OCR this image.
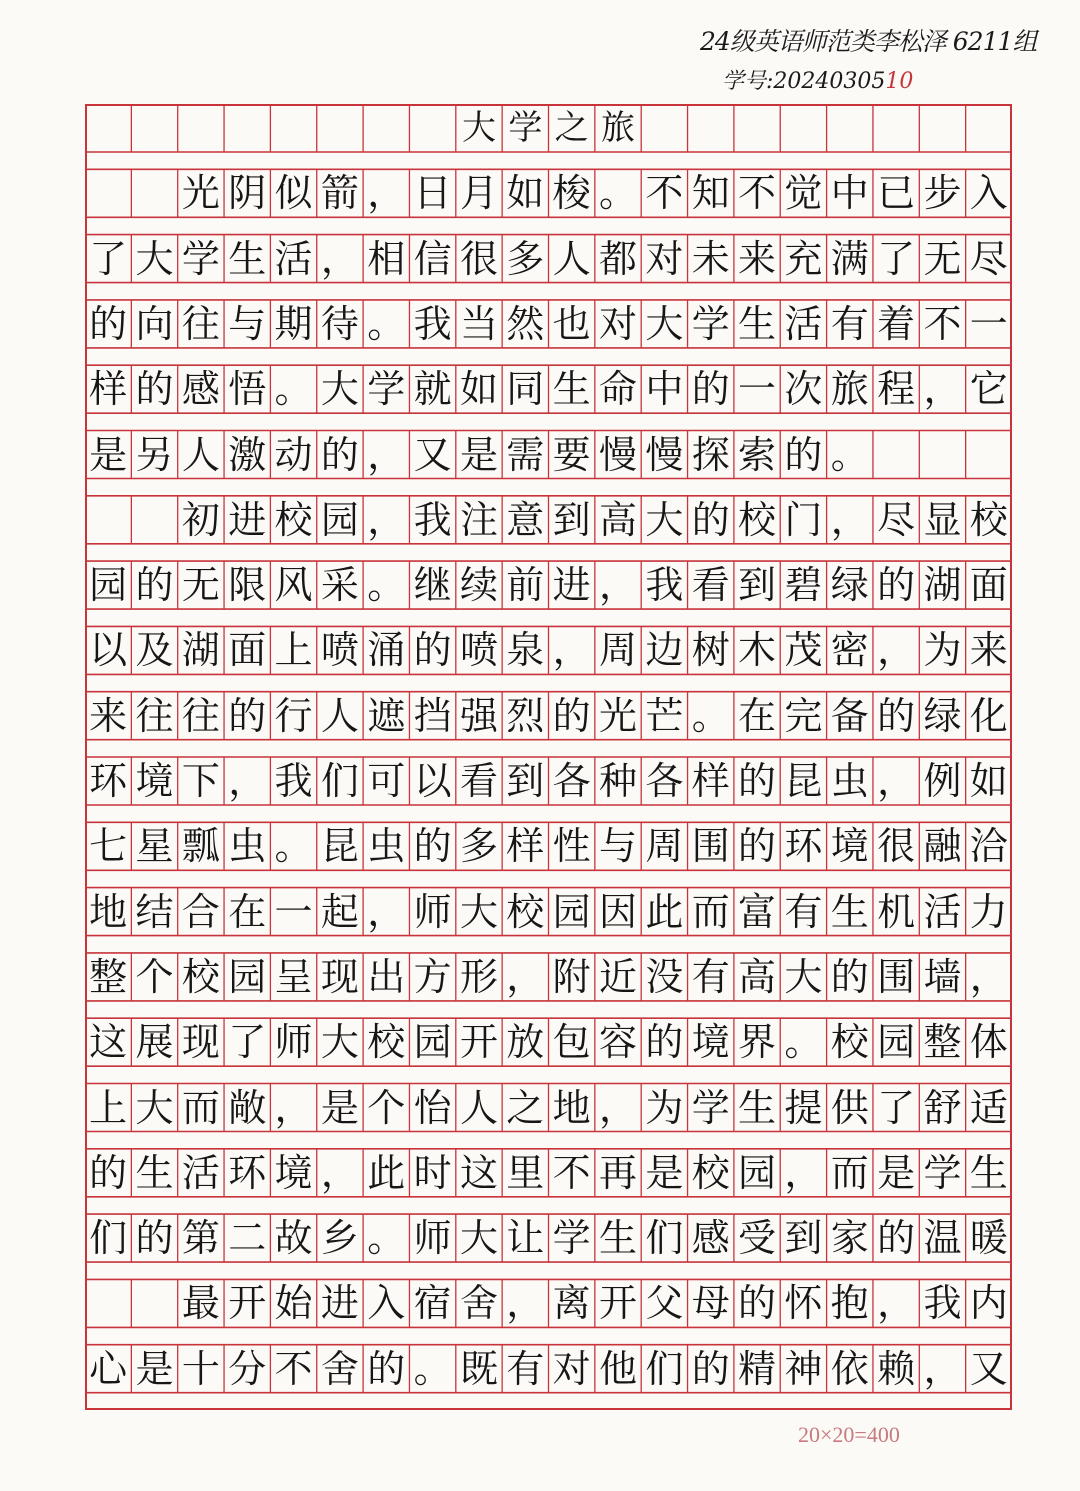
24级英语师范类李松泽 6211组
学号:2024030510
大 学 之 旅
光 阴 似 箭 ， 日 月 如 梭 。 不 知 不 觉 中 已 步 入
了 大 学 生 活 ， 相 信 很 多 人 都 对 未 来 充 满 了 无 尽
的 向 往 与 期 待 。 我 当 然 也 对 大 学 生 活 有 着 不 一
样 的 感 悟 。 大 学 就 如 同 生 命 中 的 一 次 旅 程 ， 它
是 另 人 激 动 的 ， 又 是 需 要 慢 慢 探 索 的 。
初 进 校 园 ， 我 注 意 到 高 大 的 校 门 ， 尽 显 校
园 的 无 限 风 采 。 继 续 前 进 ， 我 看 到 碧 绿 的 湖 面
以 及 湖 面 上 喷 涌 的 喷 泉 ， 周 边 树 木 茂 密 ， 为 来
来 往 往 的 行 人 遮 挡 强 烈 的 光 芒 。 在 完 备 的 绿 化
环 境 下 ， 我 们 可 以 看 到 各 种 各 样 的 昆 虫 ， 例 如
七 星 瓢 虫 。 昆 虫 的 多 样 性 与 周 围 的 环 境 很 融 洽
地 结 合 在 一 起 ， 师 大 校 园 因 此 而 富 有 生 机 活 力
整 个 校 园 呈 现 出 方 形 ， 附 近 没 有 高 大 的 围 墙 ，
这 展 现 了 师 大 校 园 开 放 包 容 的 境 界 。 校 园 整 体
上 大 而 敞 ， 是 个 怡 人 之 地 ， 为 学 生 提 供 了 舒 适
的 生 活 环 境 ， 此 时 这 里 不 再 是 校 园 ， 而 是 学 生
们 的 第 二 故 乡 。 师 大 让 学 生 们 感 受 到 家 的 温 暖
最 开 始 进 入 宿 舍 ， 离 开 父 母 的 怀 抱 ， 我 内
心 是 十 分 不 舍 的 。 既 有 对 他 们 的 精 神 依 赖 ， 又
20×20=400
